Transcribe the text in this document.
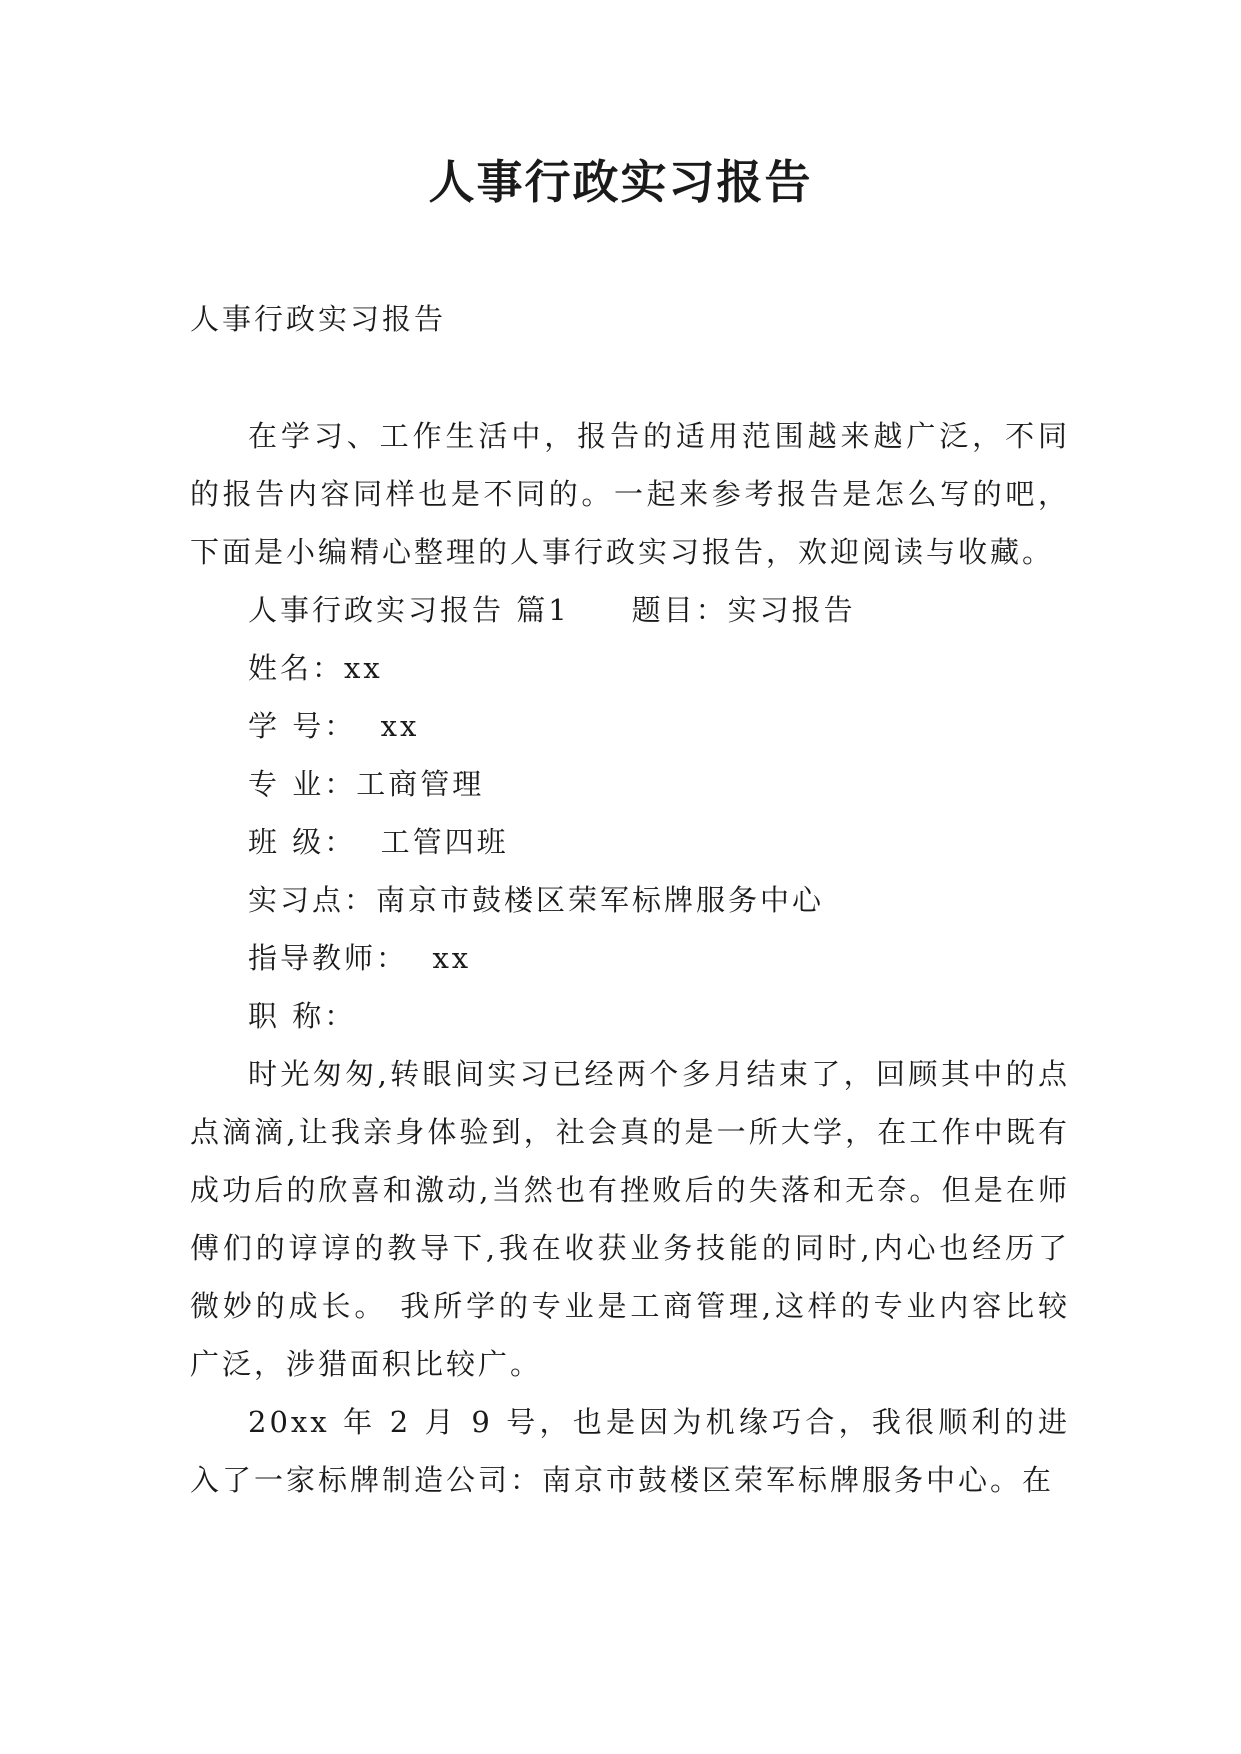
人事行政实习报告

人事行政实习报告

在学习、工作生活中，报告的适用范围越来越广泛，不同的报告内容同样也是不同的。一起来参考报告是怎么写的吧，下面是小编精心整理的人事行政实习报告，欢迎阅读与收藏。

人事行政实习报告 篇1 题目：实习报告

姓名：xx

学 号：  xx

专 业：工商管理

班 级：  工管四班

实习点：南京市鼓楼区荣军标牌服务中心

指导教师：  xx

职 称：

时光匆匆,转眼间实习已经两个多月结束了，回顾其中的点点滴滴,让我亲身体验到，社会真的是一所大学，在工作中既有成功后的欣喜和激动,当然也有挫败后的失落和无奈。但是在师傅们的谆谆的教导下,我在收获业务技能的同时,内心也经历了微妙的成长。 我所学的专业是工商管理,这样的专业内容比较广泛，涉猎面积比较广。

20xx 年 2 月 9 号，也是因为机缘巧合，我很顺利的进入了一家标牌制造公司：南京市鼓楼区荣军标牌服务中心。在
